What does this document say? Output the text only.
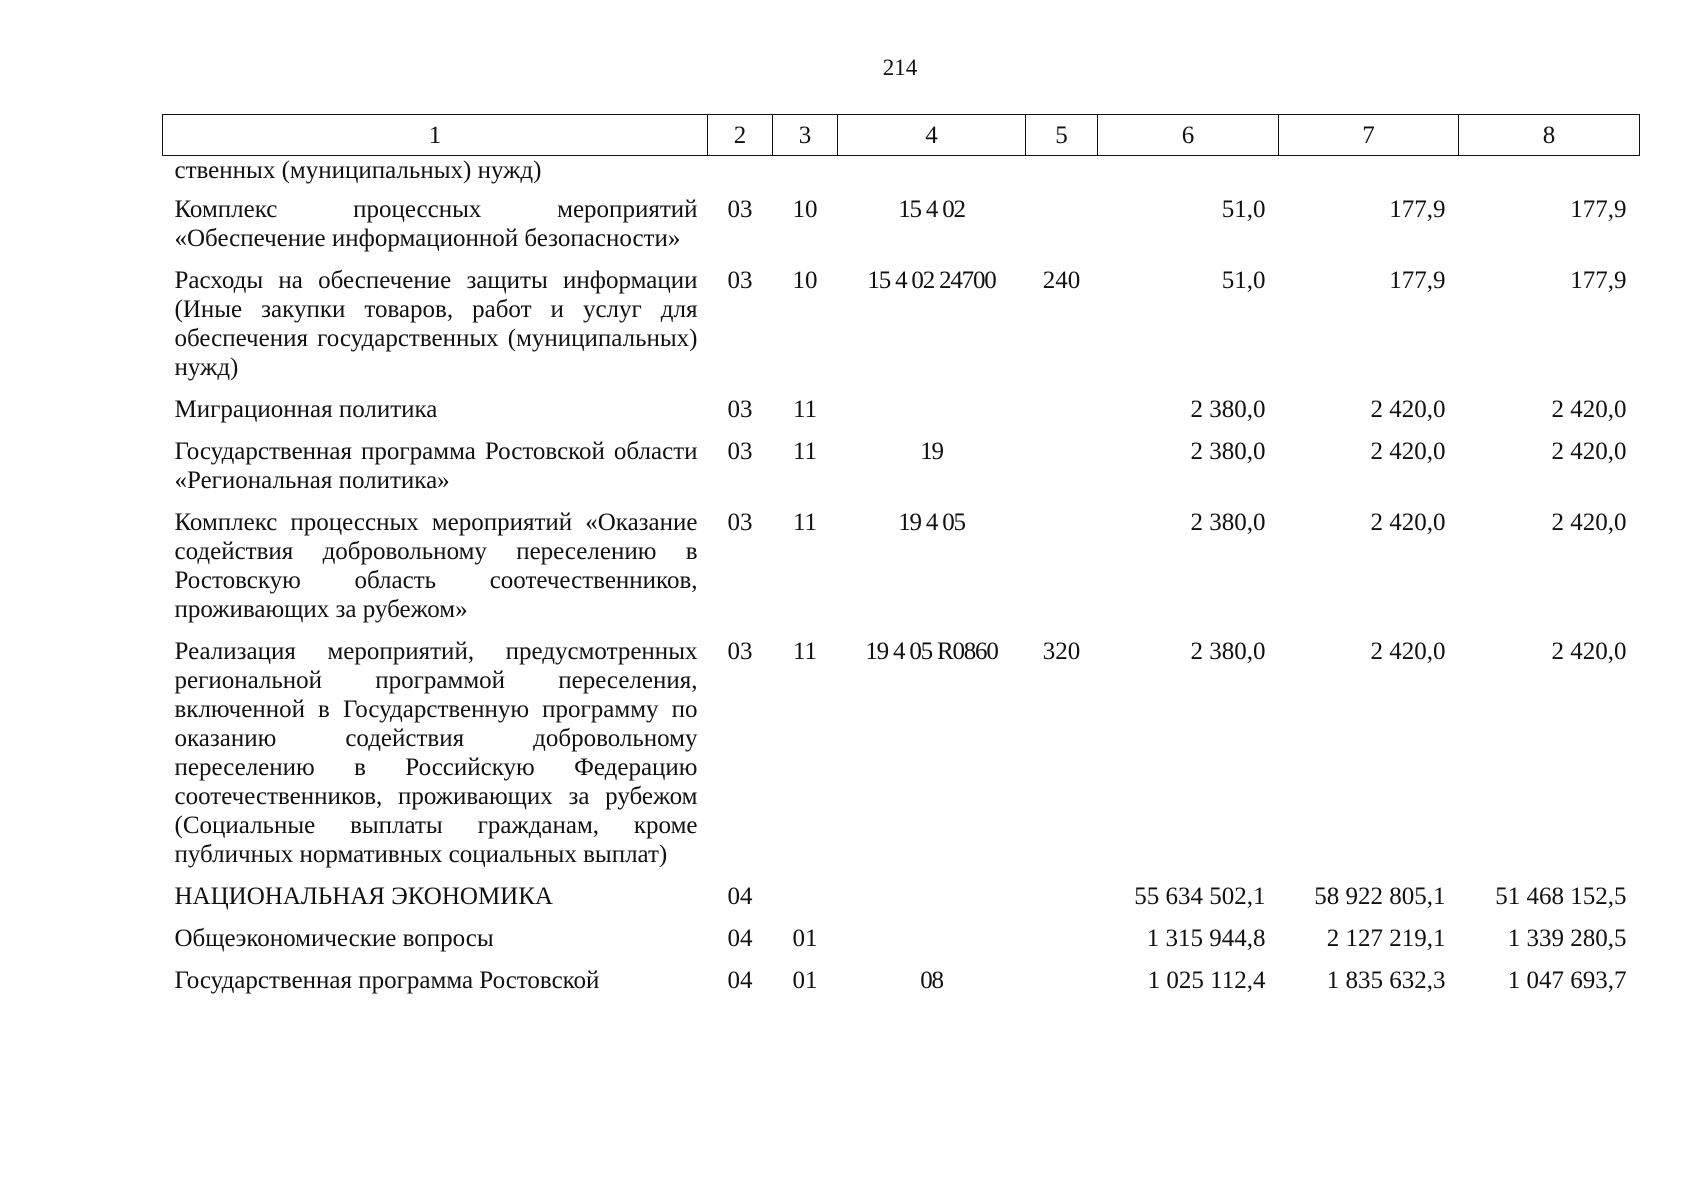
214
1	2	3	4	5	6	7	8
ственных (муниципальных) нужд)							
Комплекс процессных мероприятий «Обеспечение информационной безопасности»	03	10	15 4 02		51,0	177,9	177,9
Расходы на обеспечение защиты информации (Иные закупки товаров, работ и услуг для обеспечения государственных (муниципальных) нужд)	03	10	15 4 02 24700	240	51,0	177,9	177,9
Миграционная политика	03	11			2 380,0	2 420,0	2 420,0
Государственная программа Ростовской области «Региональная политика»	03	11	19		2 380,0	2 420,0	2 420,0
Комплекс процессных мероприятий «Оказание содействия добровольному переселению в Ростовскую область соотечественников, проживающих за рубежом»	03	11	19 4 05		2 380,0	2 420,0	2 420,0
Реализация мероприятий, предусмотренных региональной программой переселения, включенной в Государственную программу по оказанию содействия добровольному переселению в Российскую Федерацию соотечественников, проживающих за рубежом (Социальные выплаты гражданам, кроме публичных нормативных социальных выплат)	03	11	19 4 05 R0860	320	2 380,0	2 420,0	2 420,0
НАЦИОНАЛЬНАЯ ЭКОНОМИКА	04				55 634 502,1	58 922 805,1	51 468 152,5
Общеэкономические вопросы	04	01			1 315 944,8	2 127 219,1	1 339 280,5
Государственная программа Ростовской	04	01	08		1 025 112,4	1 835 632,3	1 047 693,7
